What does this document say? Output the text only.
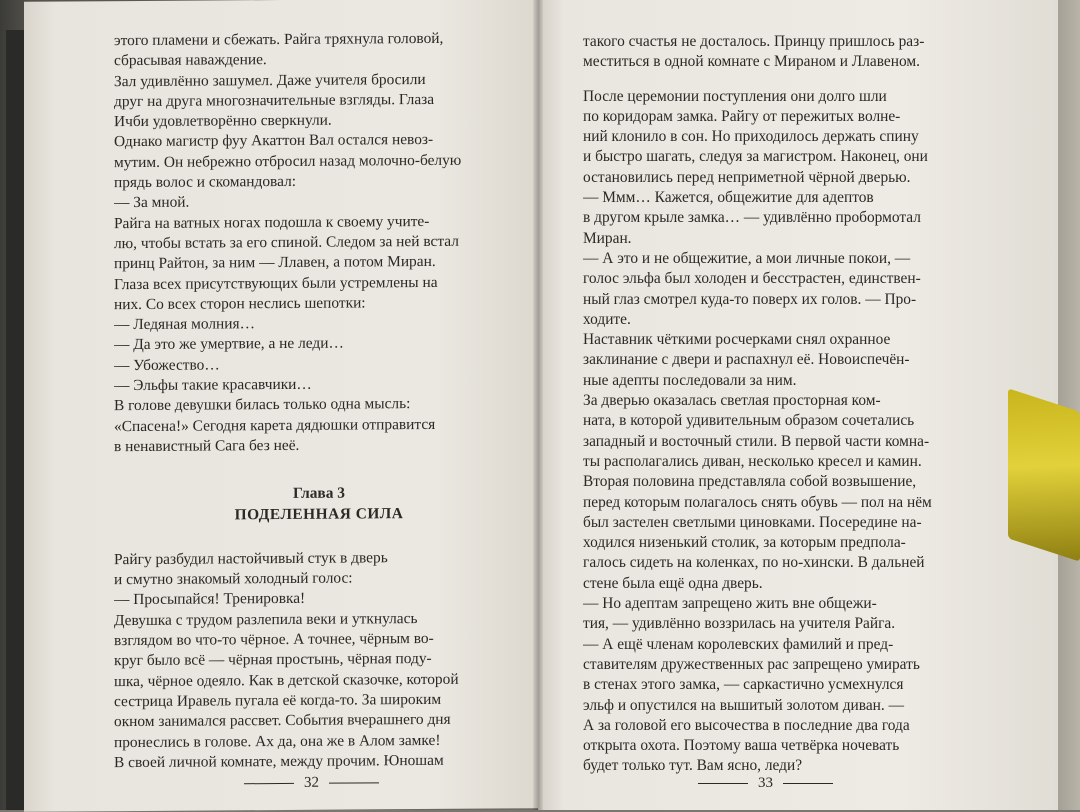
этого пламени и сбежать. Райга тряхнула головой,
сбрасывая наваждение.
Зал удивлённо зашумел. Даже учителя бросили
друг на друга многозначительные взгляды. Глаза
Ичби удовлетворённо сверкнули.
Однако магистр фуу Акаттон Вал остался невоз-
мутим. Он небрежно отбросил назад молочно-белую
прядь волос и скомандовал:
— За мной.
Райга на ватных ногах подошла к своему учите-
лю, чтобы встать за его спиной. Следом за ней встал
принц Райтон, за ним — Ллавен, а потом Миран.
Глаза всех присутствующих были устремлены на
них. Со всех сторон неслись шепотки:
— Ледяная молния…
— Да это же умертвие, а не леди…
— Убожество…
— Эльфы такие красавчики…
В голове девушки билась только одна мысль:
«Спасена!» Сегодня карета дядюшки отправится
в ненавистный Сага без неё.
Глава 3
ПОДЕЛЕННАЯ СИЛА
Райгу разбудил настойчивый стук в дверь
и смутно знакомый холодный голос:
— Просыпайся! Тренировка!
Девушка с трудом разлепила веки и уткнулась
взглядом во что-то чёрное. А точнее, чёрным во-
круг было всё — чёрная простынь, чёрная поду-
шка, чёрное одеяло. Как в детской сказочке, которой
сестрица Иравель пугала её когда-то. За широким
окном занимался рассвет. События вчерашнего дня
пронеслись в голове. Ах да, она же в Алом замке!
В своей личной комнате, между прочим. Юношам
32
такого счастья не досталось. Принцу пришлось раз-
меститься в одной комнате с Мираном и Ллавеном.
После церемонии поступления они долго шли
по коридорам замка. Райгу от пережитых волне-
ний клонило в сон. Но приходилось держать спину
и быстро шагать, следуя за магистром. Наконец, они
остановились перед неприметной чёрной дверью.
— Ммм… Кажется, общежитие для адептов
в другом крыле замка… — удивлённо пробормотал
Миран.
— А это и не общежитие, а мои личные покои, —
голос эльфа был холоден и бесстрастен, единствен-
ный глаз смотрел куда-то поверх их голов. — Про-
ходите.
Наставник чёткими росчерками снял охранное
заклинание с двери и распахнул её. Новоиспечён-
ные адепты последовали за ним.
За дверью оказалась светлая просторная ком-
ната, в которой удивительным образом сочетались
западный и восточный стили. В первой части комна-
ты располагались диван, несколько кресел и камин.
Вторая половина представляла собой возвышение,
перед которым полагалось снять обувь — пол на нём
был застелен светлыми циновками. Посередине на-
ходился низенький столик, за которым предпола-
галось сидеть на коленках, по но-хински. В дальней
стене была ещё одна дверь.
— Но адептам запрещено жить вне общежи-
тия, — удивлённо воззрилась на учителя Райга.
— А ещё членам королевских фамилий и пред-
ставителям дружественных рас запрещено умирать
в стенах этого замка, — саркастично усмехнулся
эльф и опустился на вышитый золотом диван. —
А за головой его высочества в последние два года
открыта охота. Поэтому ваша четвёрка ночевать
будет только тут. Вам ясно, леди?
33
